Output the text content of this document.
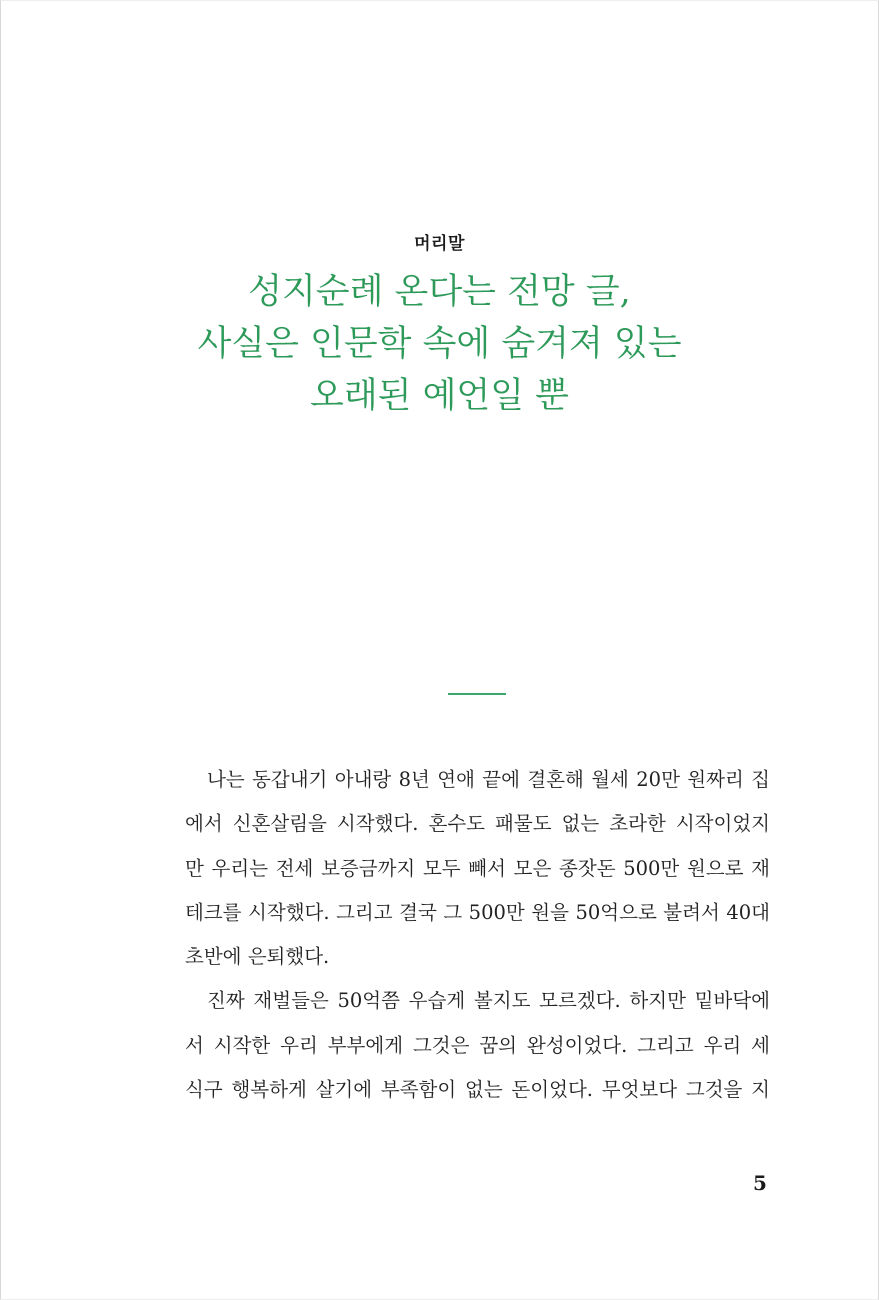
머리말
성지순례 온다는 전망 글,
사실은 인문학 속에 숨겨져 있는
오래된 예언일 뿐
나는 동갑내기 아내랑 8년 연애 끝에 결혼해 월세 20만 원짜리 집
에서 신혼살림을 시작했다. 혼수도 패물도 없는 초라한 시작이었지
만 우리는 전세 보증금까지 모두 빼서 모은 종잣돈 500만 원으로 재
테크를 시작했다. 그리고 결국 그 500만 원을 50억으로 불려서 40대
초반에 은퇴했다.
진짜 재벌들은 50억쯤 우습게 볼지도 모르겠다. 하지만 밑바닥에
서 시작한 우리 부부에게 그것은 꿈의 완성이었다. 그리고 우리 세
식구 행복하게 살기에 부족함이 없는 돈이었다. 무엇보다 그것을 지
5
